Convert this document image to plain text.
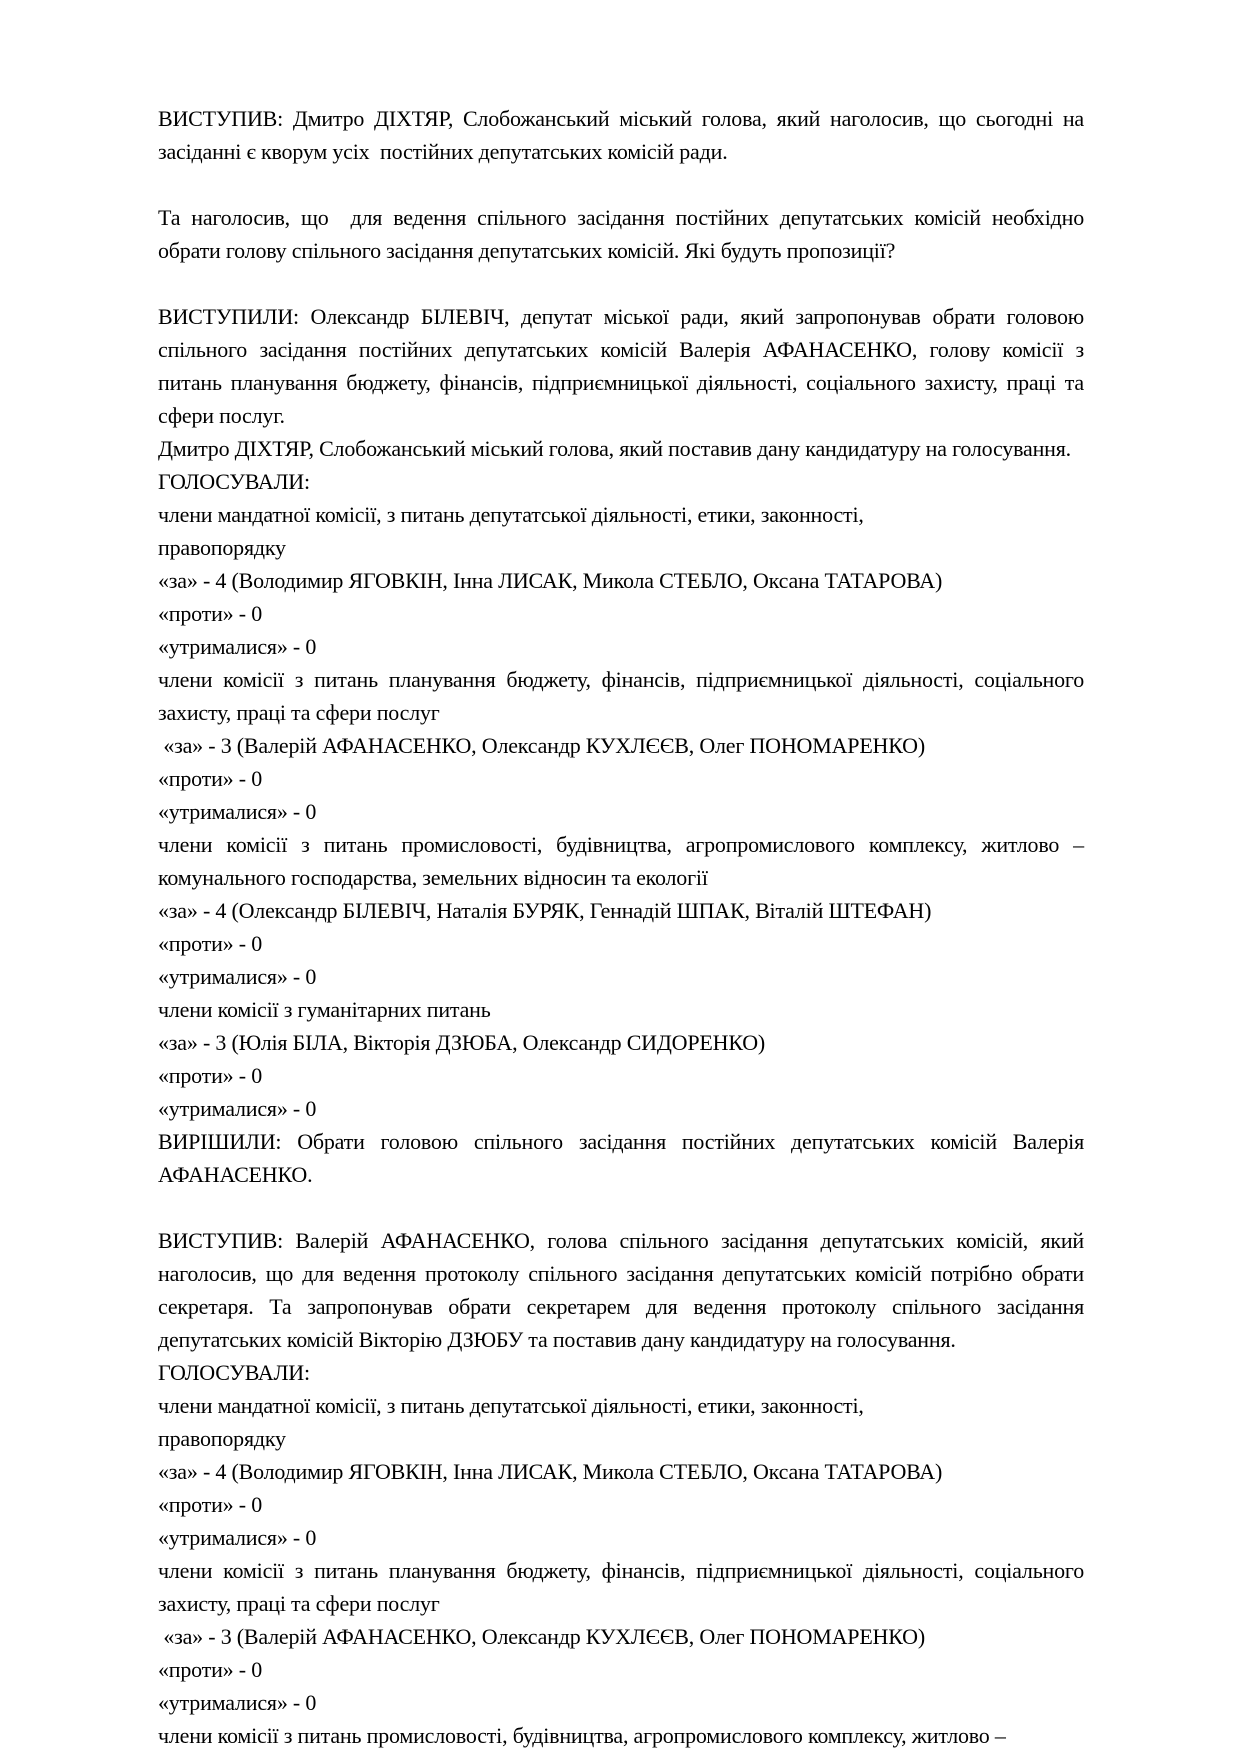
ВИСТУПИВ: Дмитро ДІХТЯР, Слобожанський міський голова, який наголосив, що сьогодні на засіданні є кворум усіх  постійних депутатських комісій ради.

Та наголосив, що  для ведення спільного засідання постійних депутатських комісій необхідно обрати голову спільного засідання депутатських комісій. Які будуть пропозиції?

ВИСТУПИЛИ: Олександр БІЛЕВІЧ, депутат міської ради, який запропонував обрати головою спільного засідання постійних депутатських комісій Валерія АФАНАСЕНКО, голову комісії з питань планування бюджету, фінансів, підприємницької діяльності, соціального захисту, праці та сфери послуг.

Дмитро ДІХТЯР, Слобожанський міський голова, який поставив дану кандидатуру на голосування.

ГОЛОСУВАЛИ:

члени мандатної комісії, з питань депутатської діяльності, етики, законності,

правопорядку

«за» - 4 (Володимир ЯГОВКІН, Інна ЛИСАК, Микола СТЕБЛО, Оксана ТАТАРОВА)

«проти» - 0

«утрималися» - 0

члени комісії з питань планування бюджету, фінансів, підприємницької діяльності, соціального захисту, праці та сфери послуг

«за» - 3 (Валерій АФАНАСЕНКО, Олександр КУХЛЄЄВ, Олег ПОНОМАРЕНКО)

«проти» - 0

«утрималися» - 0

члени комісії з питань промисловості, будівництва, агропромислового комплексу, житлово – комунального господарства, земельних відносин та екології

«за» - 4 (Олександр БІЛЕВІЧ, Наталія БУРЯК, Геннадій ШПАК, Віталій ШТЕФАН)

«проти» - 0

«утрималися» - 0

члени комісії з гуманітарних питань

«за» - 3 (Юлія БІЛА, Вікторія ДЗЮБА, Олександр СИДОРЕНКО)

«проти» - 0

«утрималися» - 0

ВИРІШИЛИ: Обрати головою спільного засідання постійних депутатських комісій Валерія АФАНАСЕНКО.

ВИСТУПИВ: Валерій АФАНАСЕНКО, голова спільного засідання депутатських комісій, який наголосив, що для ведення протоколу спільного засідання депутатських комісій потрібно обрати секретаря. Та запропонував обрати секретарем для ведення протоколу спільного засідання депутатських комісій Вікторію ДЗЮБУ та поставив дану кандидатуру на голосування.

ГОЛОСУВАЛИ:

члени мандатної комісії, з питань депутатської діяльності, етики, законності,

правопорядку

«за» - 4 (Володимир ЯГОВКІН, Інна ЛИСАК, Микола СТЕБЛО, Оксана ТАТАРОВА)

«проти» - 0

«утрималися» - 0

члени комісії з питань планування бюджету, фінансів, підприємницької діяльності, соціального захисту, праці та сфери послуг

«за» - 3 (Валерій АФАНАСЕНКО, Олександр КУХЛЄЄВ, Олег ПОНОМАРЕНКО)

«проти» - 0

«утрималися» - 0

члени комісії з питань промисловості, будівництва, агропромислового комплексу, житлово –
